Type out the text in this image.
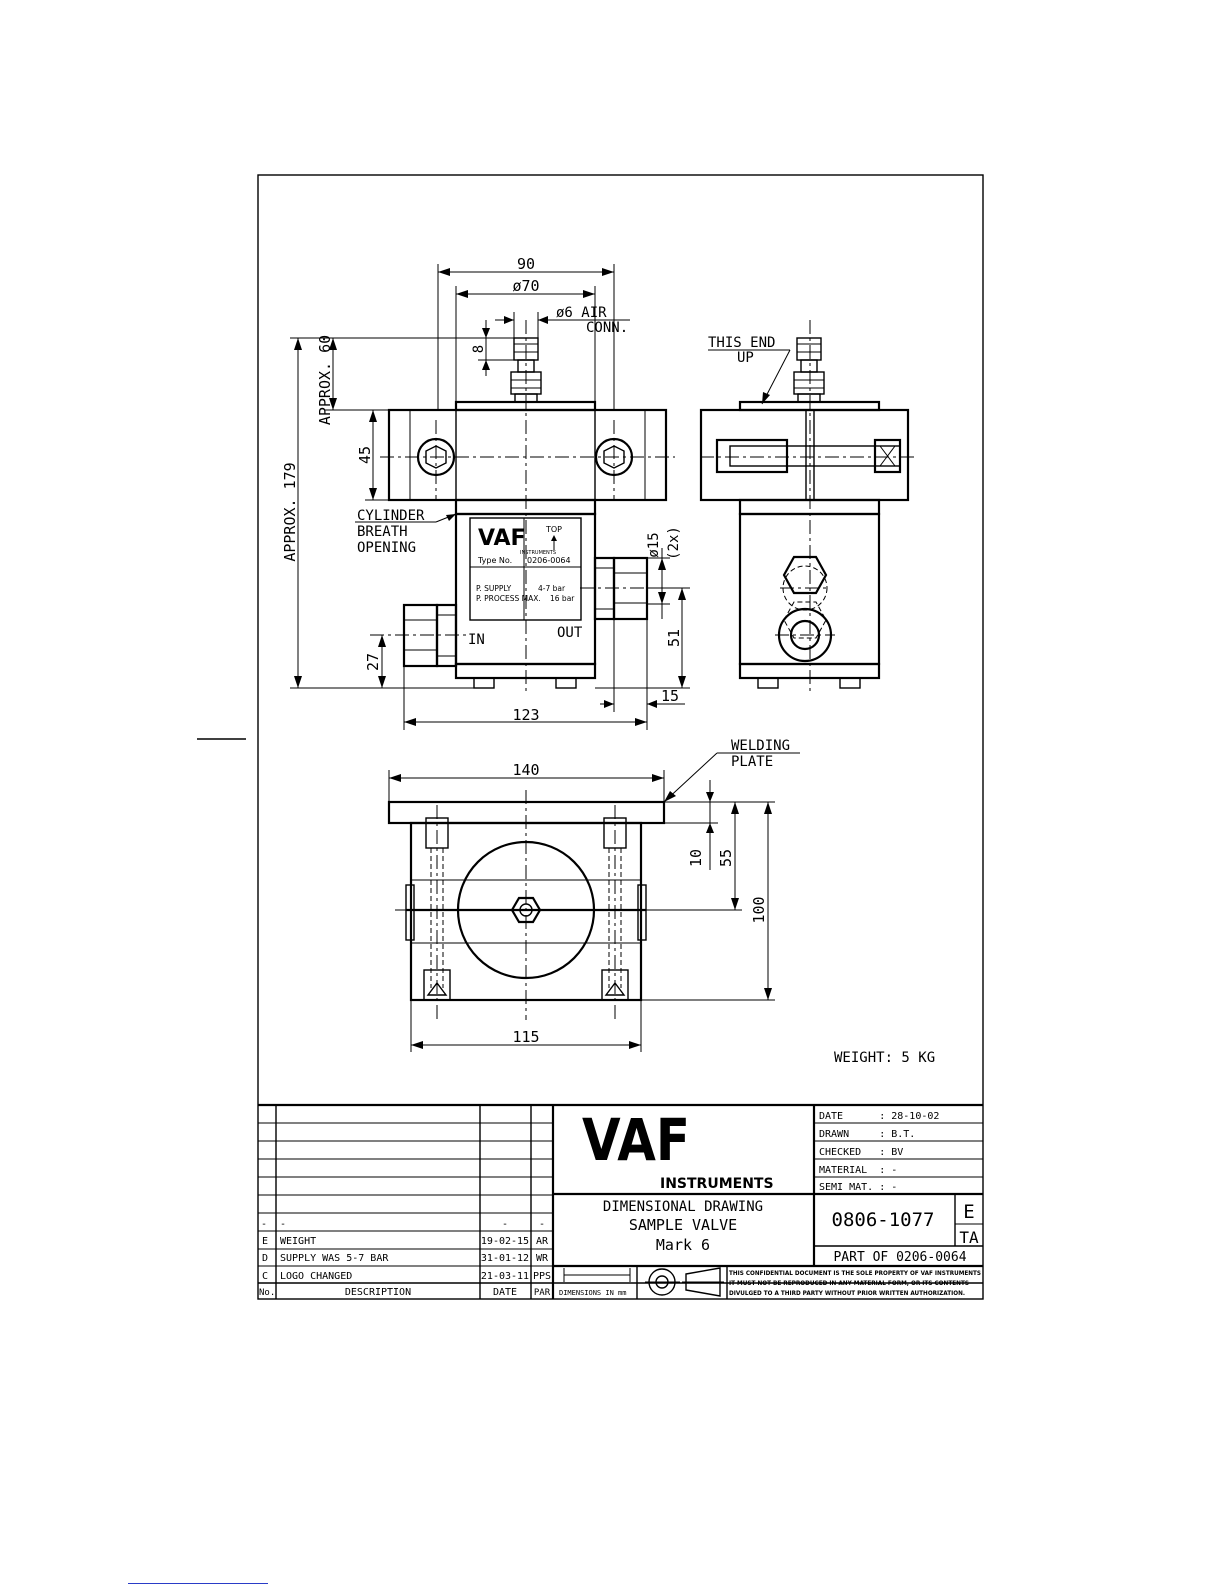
90
ø70
ø6 AIR
CONN.
8
APPROX. 60
APPROX. 179
45
ø15 (2x)
51
27
15
123
THIS END
UP
CYLINDER
BREATH
OPENING
IN	OUT
VAF
INSTRUMENTS
TOP
Type No. 0206-0064
P. SUPPLY	4-7 bar
P. PROCESS MAX. 16 bar
140
115
10 55
100
WELDING
PLATE
WEIGHT: 5 KG
- -	-	-
E WEIGHT	19-02-15 AR
D SUPPLY WAS 5-7 BAR	31-01-12 WR
C LOGO CHANGED	21-03-11 PPS
No.	DESCRIPTION	DATE PAR
VAF
INSTRUMENTS
DIMENSIONAL DRAWING
SAMPLE VALVE
Mark 6
DATE      : 28-10-02
DRAWN     : B.T.
CHECKED   : BV
MATERIAL  : -
SEMI MAT. : -
0806-1077 E
TA
PART OF 0206-0064
DIMENSIONS IN mm
THIS CONFIDENTIAL DOCUMENT IS THE SOLE PROPERTY OF VAF INSTRUMENTS
IT MUST NOT BE REPRODUCED IN ANY MATERIAL FORM, OR ITS CONTENTS
DIVULGED TO A THIRD PARTY WITHOUT PRIOR WRITTEN AUTHORIZATION.
